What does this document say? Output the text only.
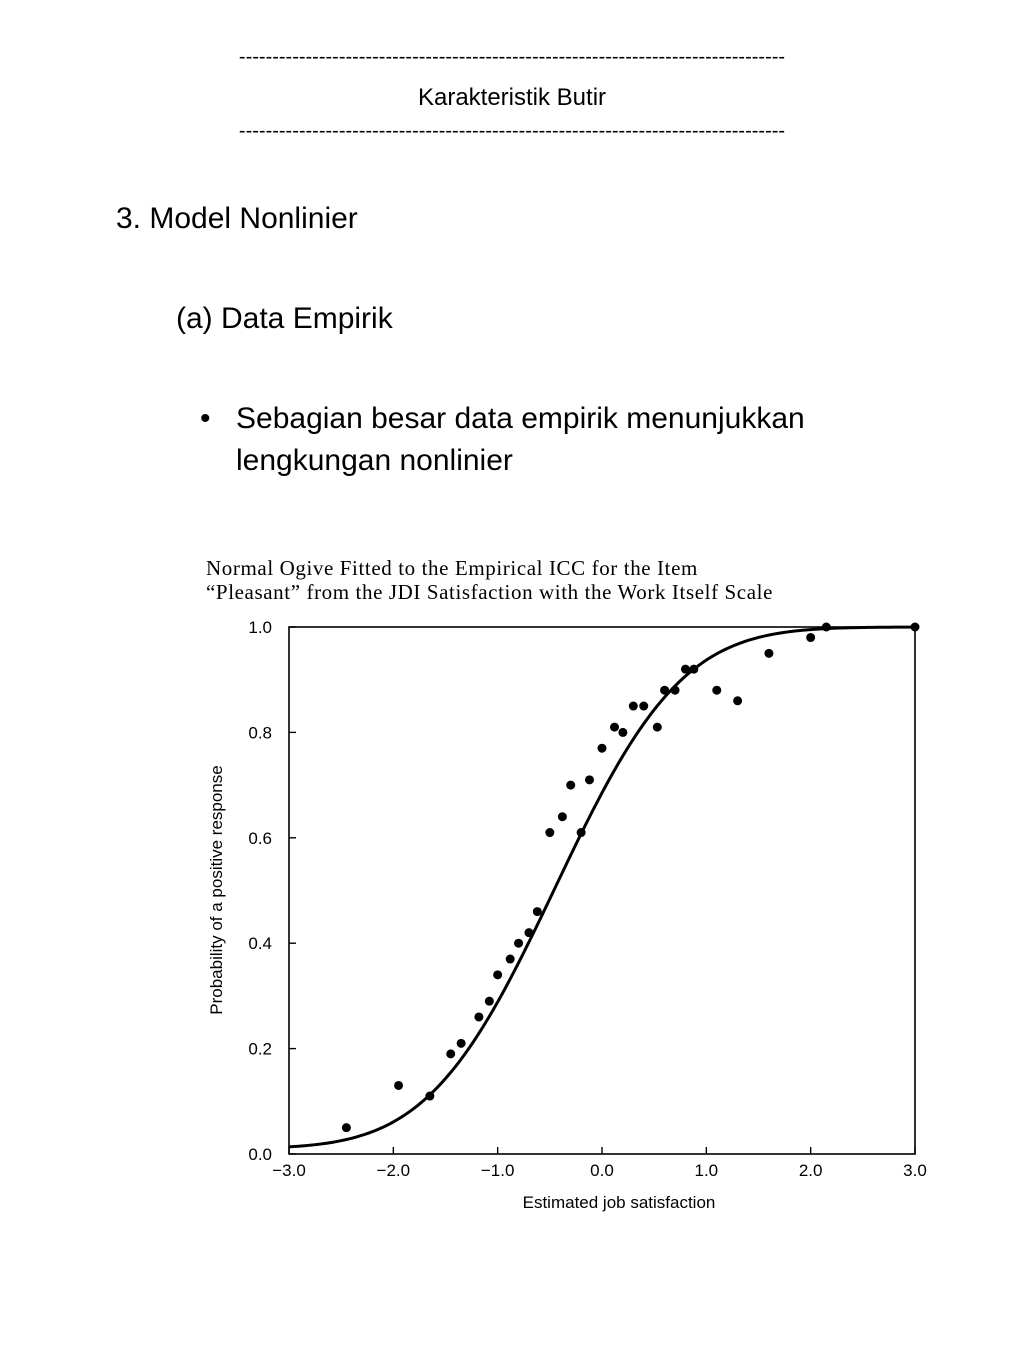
----------------------------------------------------------------------------------
Karakteristik Butir
----------------------------------------------------------------------------------
3. Model Nonlinier
(a) Data Empirik
• Sebagian besar data empirik menunjukkan
lengkungan nonlinier
Normal Ogive Fitted to the Empirical ICC for the Item
“Pleasant” from the JDI Satisfaction with the Work Itself Scale
−3.0	−2.0	−1.0	0.0	1.0	2.0	3.0
0.0
0.2
0.4
0.6
0.8
1.0
Estimated job satisfaction
Probability of a positive response
